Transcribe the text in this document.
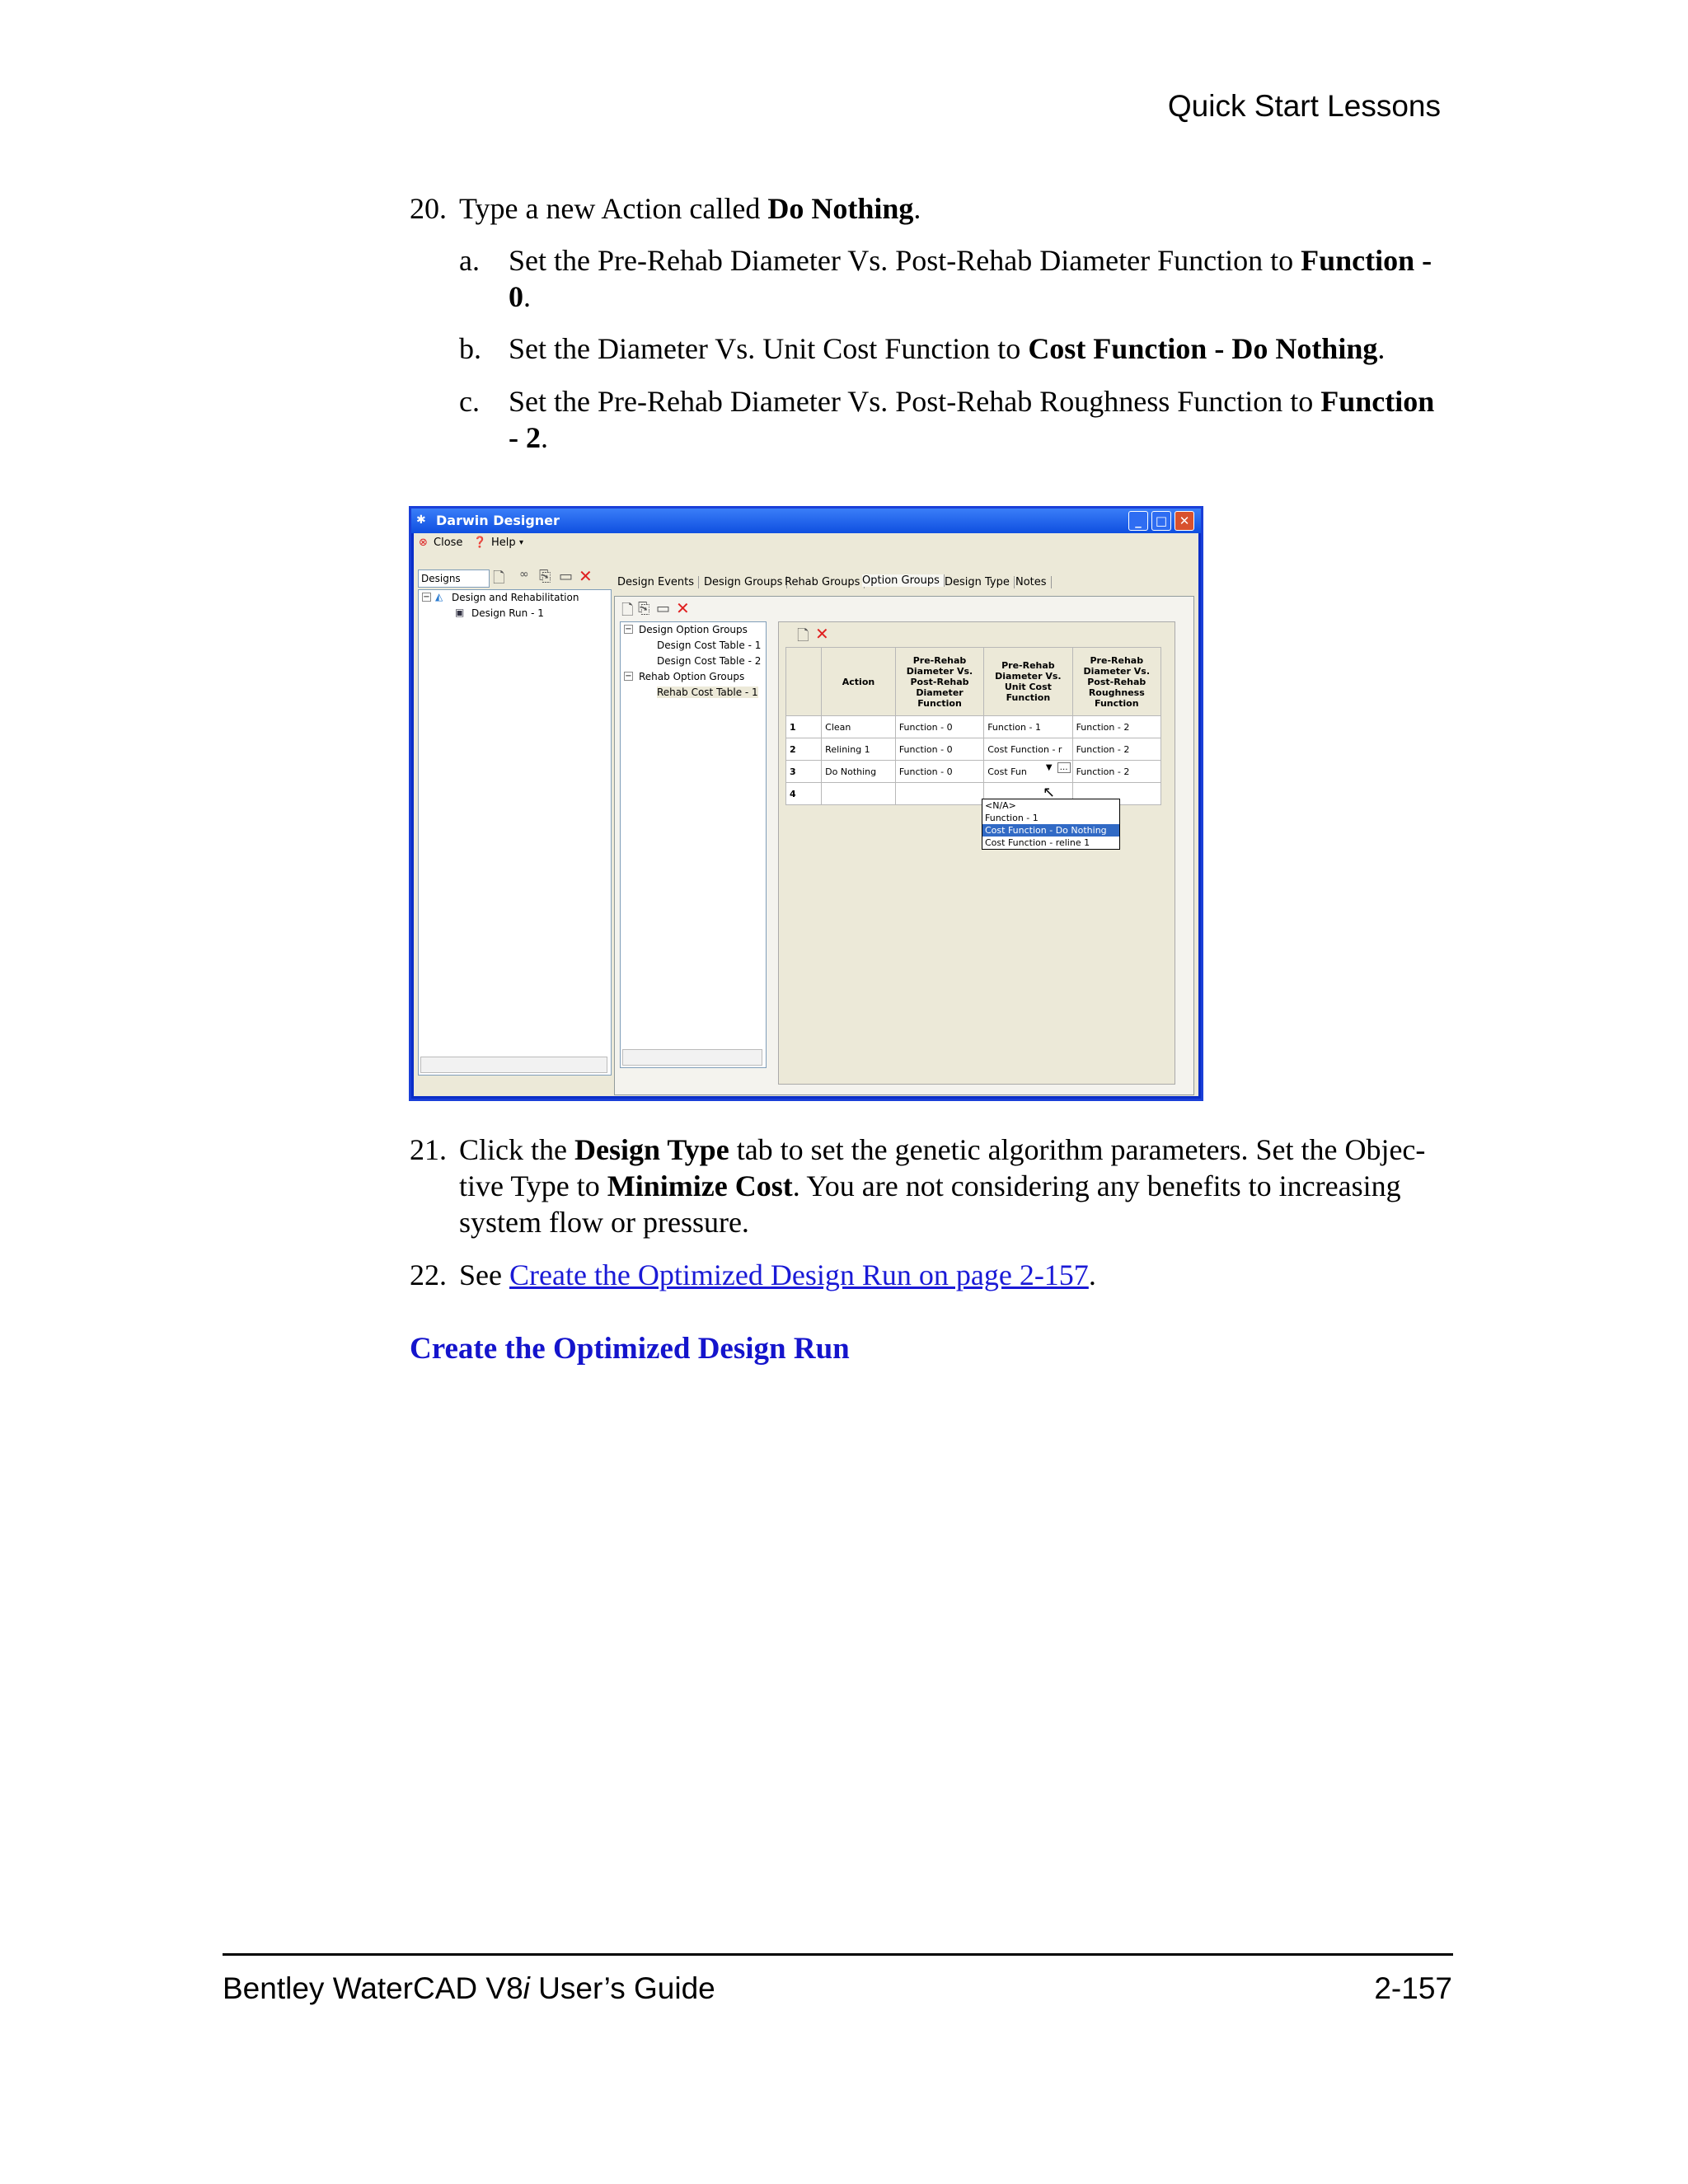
Quick Start Lessons
20. Type a new Action called Do Nothing.
a. Set the Pre-Rehab Diameter Vs. Post-Rehab Diameter Function to Function -
0.
b. Set the Diameter Vs. Unit Cost Function to Cost Function - Do Nothing.
c. Set the Pre-Rehab Diameter Vs. Post-Rehab Roughness Function to Function
- 2.
✱ Darwin Designer	_	□ ✕
⊗ Close ❓ Help ▾
Designs	🗋 ∞ ⎘ ▭ ✕
− ◭ Design and Rehabilitation
▣ Design Run - 1
Design Events Design Groups Rehab Groups Option Groups Design Type Notes
🗋 ⎘ ▭ ✕
− Design Option Groups
Design Cost Table - 1
Design Cost Table - 2
− Rehab Option Groups
Rehab Cost Table - 1
🗋 ✕
	Action	Pre-Rehab Diameter Vs. Post-Rehab Diameter Function	Pre-Rehab Diameter Vs. Unit Cost Function	Pre-Rehab Diameter Vs. Post-Rehab Roughness Function
1	Clean	Function - 0	Function - 1	Function - 2
2	Relining 1	Function - 0	Cost Function - r	Function - 2
3	Do Nothing	Function - 0	Cost Fun ▼ …	Function - 2
4				
<N/A>
Function - 1
Cost Function - Do Nothing
Cost Function - reline 1
↖
21. Click the Design Type tab to set the genetic algorithm parameters. Set the Objec-
tive Type to Minimize Cost. You are not considering any benefits to increasing
system flow or pressure.
22. See Create the Optimized Design Run on page 2-157.
Create the Optimized Design Run
Bentley WaterCAD V8i User’s Guide	2-157
